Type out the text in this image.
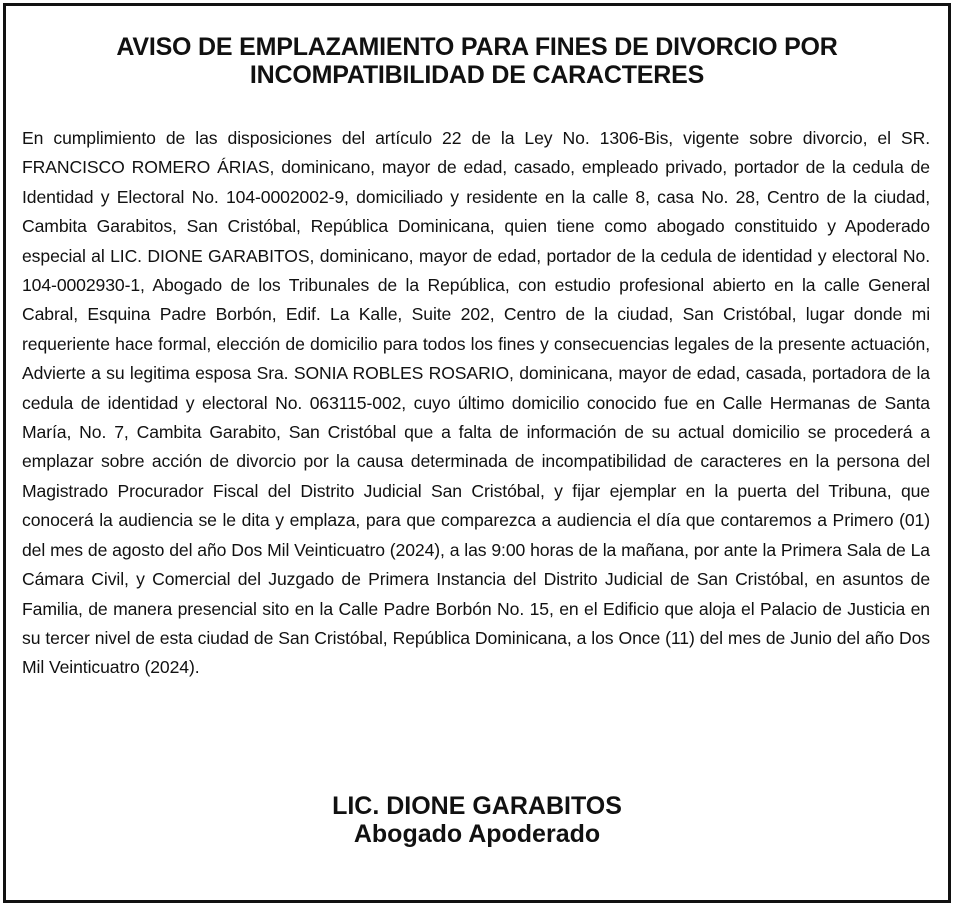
AVISO DE EMPLAZAMIENTO PARA FINES DE DIVORCIO POR
INCOMPATIBILIDAD DE CARACTERES

En cumplimiento de las disposiciones del artículo 22 de la Ley No. 1306-Bis, vigente sobre divorcio, el SR. FRANCISCO ROMERO ÁRIAS, dominicano, mayor de edad, casado, empleado privado, portador de la cedula de Identidad y Electoral No. 104-0002002-9, domiciliado y residente en la calle 8, casa No. 28, Centro de la ciudad, Cambita Garabitos, San Cristóbal, República Dominicana, quien tiene como abogado constituido y Apoderado especial al LIC. DIONE GARABITOS, dominicano, mayor de edad, portador de la cedula de identidad y electoral No. 104-0002930-1, Abogado de los Tribunales de la República, con estudio profesional abierto en la calle General Cabral, Esquina Padre Borbón, Edif. La Kalle, Suite 202, Centro de la ciudad, San Cristóbal, lugar donde mi requeriente hace formal, elección de domicilio para todos los fines y consecuencias legales de la presente actuación, Advierte a su legitima esposa Sra. SONIA ROBLES ROSARIO, dominicana, mayor de edad, casada, portadora de la cedula de identidad y electoral No. 063115-002, cuyo último domicilio conocido fue en Calle Hermanas de Santa María, No. 7, Cambita Garabito, San Cristóbal que a falta de información de su actual domicilio se procederá a emplazar sobre acción de divorcio por la causa determinada de incompatibilidad de caracteres en la persona del Magistrado Procurador Fiscal del Distrito Judicial San Cristóbal, y fijar ejemplar en la puerta del Tribuna, que conocerá la audiencia se le dita y emplaza, para que comparezca a audiencia el día que contaremos a Primero (01) del mes de agosto del año Dos Mil Veinticuatro (2024), a las 9:00 horas de la mañana, por ante la Primera Sala de La Cámara Civil, y Comercial del Juzgado de Primera Instancia del Distrito Judicial de San Cristóbal, en asuntos de Familia, de manera presencial sito en la Calle Padre Borbón No. 15, en el Edificio que aloja el Palacio de Justicia en su tercer nivel de esta ciudad de San Cristóbal, República Dominicana, a los Once (11) del mes de Junio del año Dos Mil Veinticuatro (2024).

LIC. DIONE GARABITOS
Abogado Apoderado
